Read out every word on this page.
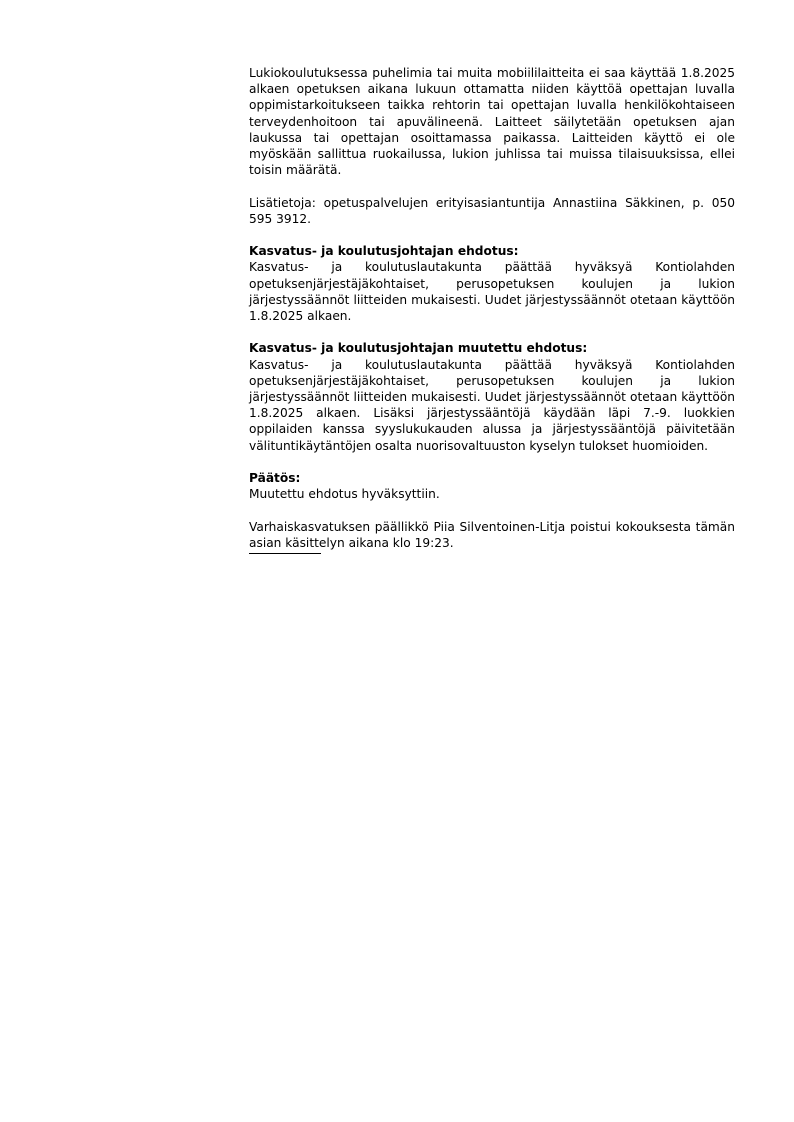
Lukiokoulutuksessa puhelimia tai muita mobiililaitteita ei saa käyttää 1.8.2025 alkaen opetuksen aikana lukuun ottamatta niiden käyttöä opettajan luvalla oppimistarkoitukseen taikka rehtorin tai opettajan luvalla henkilökohtaiseen terveydenhoitoon tai apuvälineenä. Laitteet säilytetään opetuksen ajan laukussa tai opettajan osoittamassa paikassa. Laitteiden käyttö ei ole myöskään sallittua ruokailussa, lukion juhlissa tai muissa tilaisuuksissa, ellei toisin määrätä.

Lisätietoja: opetuspalvelujen erityisasiantuntija Annastiina Säkkinen, p. 050 595 3912.

Kasvatus- ja koulutusjohtajan ehdotus:

Kasvatus- ja koulutuslautakunta päättää hyväksyä Kontiolahden opetuksenjärjestäjäkohtaiset, perusopetuksen koulujen ja lukion järjestyssäännöt liitteiden mukaisesti. Uudet järjestyssäännöt otetaan käyttöön 1.8.2025 alkaen.

Kasvatus- ja koulutusjohtajan muutettu ehdotus:

Kasvatus- ja koulutuslautakunta päättää hyväksyä Kontiolahden opetuksenjärjestäjäkohtaiset, perusopetuksen koulujen ja lukion järjestyssäännöt liitteiden mukaisesti. Uudet järjestyssäännöt otetaan käyttöön 1.8.2025 alkaen. Lisäksi järjestyssääntöjä käydään läpi 7.-9. luokkien oppilaiden kanssa syyslukukauden alussa ja järjestyssääntöjä päivitetään välituntikäytäntöjen osalta nuorisovaltuuston kyselyn tulokset huomioiden.

Päätös:

Muutettu ehdotus hyväksyttiin.

Varhaiskasvatuksen päällikkö Piia Silventoinen-Litja poistui kokouksesta tämän asian käsittelyn aikana klo 19:23.
